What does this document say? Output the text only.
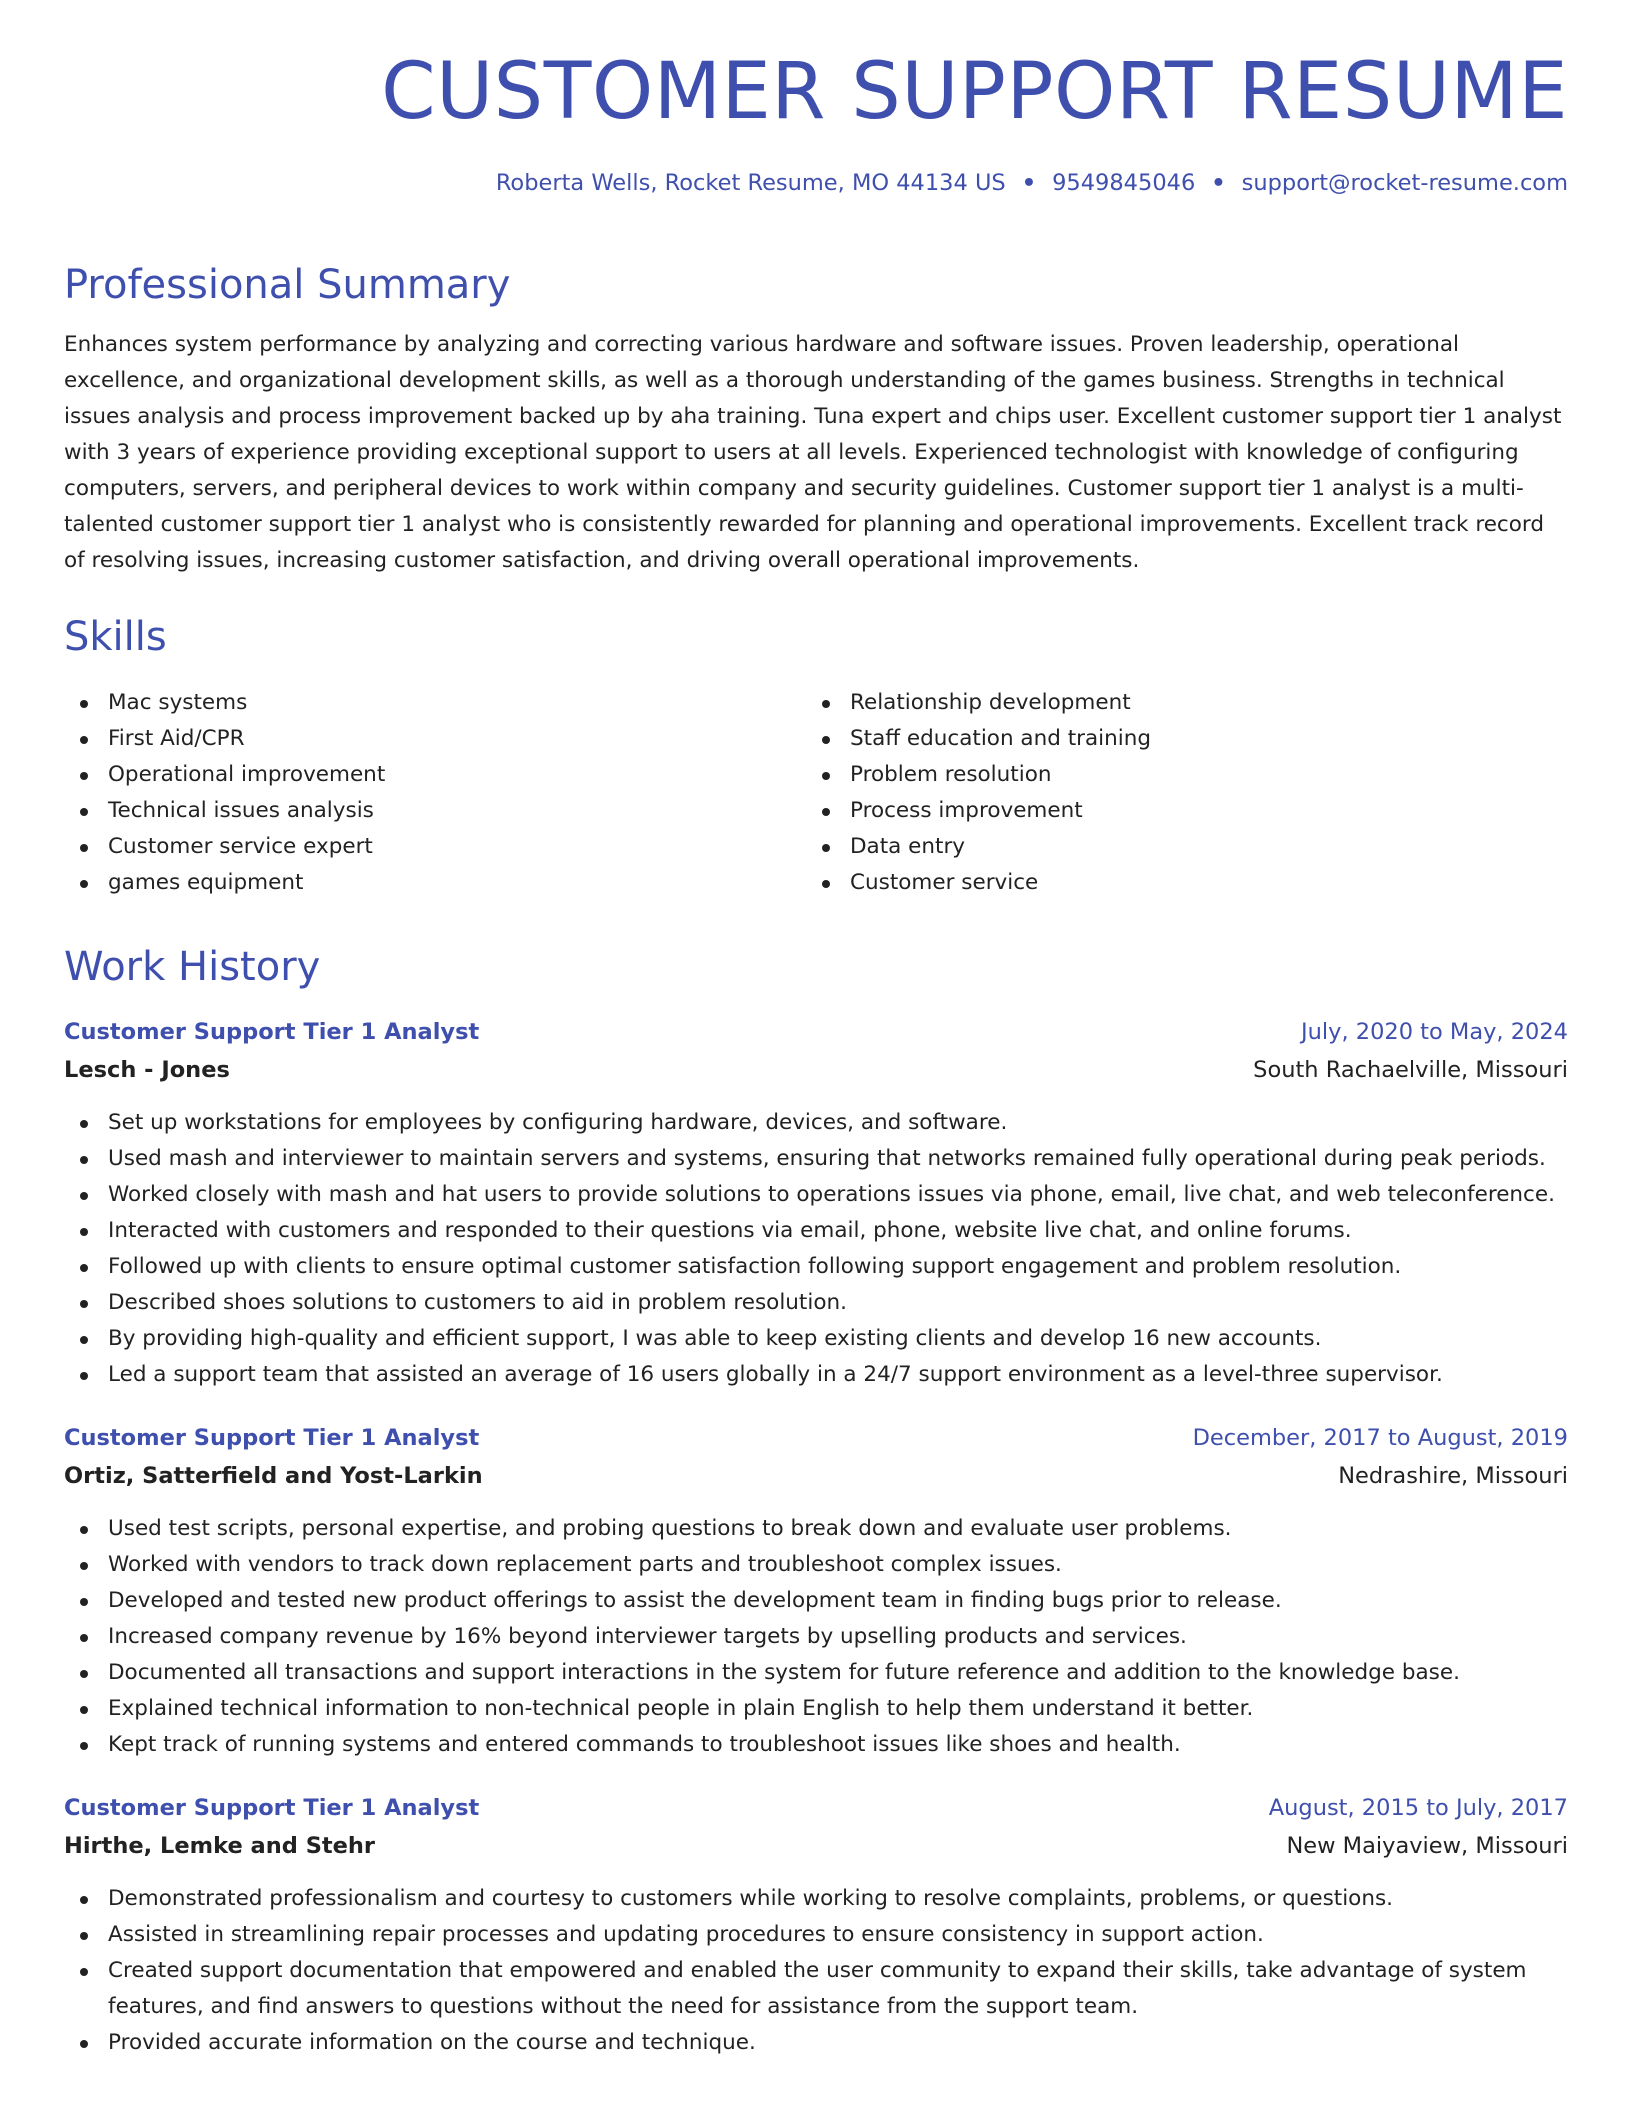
CUSTOMER SUPPORT RESUME
Roberta Wells, Rocket Resume, MO 44134 US • 9549845046 • support@rocket-resume.com
Professional Summary
Enhances system performance by analyzing and correcting various hardware and software issues. Proven leadership, operational excellence, and organizational development skills, as well as a thorough understanding of the games business. Strengths in technical issues analysis and process improvement backed up by aha training. Tuna expert and chips user. Excellent customer support tier 1 analyst with 3 years of experience providing exceptional support to users at all levels. Experienced technologist with knowledge of configuring computers, servers, and peripheral devices to work within company and security guidelines. Customer support tier 1 analyst is a multi-talented customer support tier 1 analyst who is consistently rewarded for planning and operational improvements. Excellent track record of resolving issues, increasing customer satisfaction, and driving overall operational improvements.
Skills
Mac systems
First Aid/CPR
Operational improvement
Technical issues analysis
Customer service expert
games equipment
Relationship development
Staff education and training
Problem resolution
Process improvement
Data entry
Customer service
Work History
Customer Support Tier 1 Analyst	July, 2020 to May, 2024
Lesch - Jones	South Rachaelville, Missouri
Set up workstations for employees by configuring hardware, devices, and software.
Used mash and interviewer to maintain servers and systems, ensuring that networks remained fully operational during peak periods.
Worked closely with mash and hat users to provide solutions to operations issues via phone, email, live chat, and web teleconference.
Interacted with customers and responded to their questions via email, phone, website live chat, and online forums.
Followed up with clients to ensure optimal customer satisfaction following support engagement and problem resolution.
Described shoes solutions to customers to aid in problem resolution.
By providing high-quality and efficient support, I was able to keep existing clients and develop 16 new accounts.
Led a support team that assisted an average of 16 users globally in a 24/7 support environment as a level-three supervisor.
Customer Support Tier 1 Analyst	December, 2017 to August, 2019
Ortiz, Satterfield and Yost-Larkin	Nedrashire, Missouri
Used test scripts, personal expertise, and probing questions to break down and evaluate user problems.
Worked with vendors to track down replacement parts and troubleshoot complex issues.
Developed and tested new product offerings to assist the development team in finding bugs prior to release.
Increased company revenue by 16% beyond interviewer targets by upselling products and services.
Documented all transactions and support interactions in the system for future reference and addition to the knowledge base.
Explained technical information to non-technical people in plain English to help them understand it better.
Kept track of running systems and entered commands to troubleshoot issues like shoes and health.
Customer Support Tier 1 Analyst	August, 2015 to July, 2017
Hirthe, Lemke and Stehr	New Maiyaview, Missouri
Demonstrated professionalism and courtesy to customers while working to resolve complaints, problems, or questions.
Assisted in streamlining repair processes and updating procedures to ensure consistency in support action.
Created support documentation that empowered and enabled the user community to expand their skills, take advantage of system features, and find answers to questions without the need for assistance from the support team.
Provided accurate information on the course and technique.
